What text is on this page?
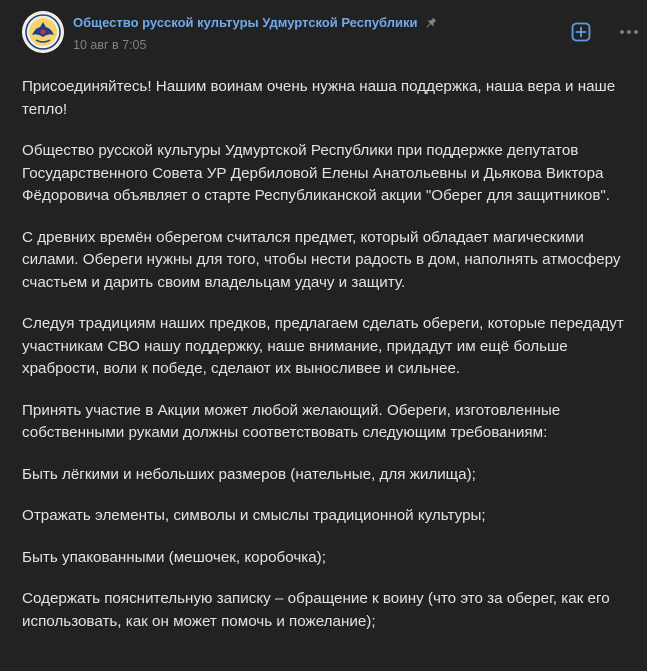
Общество русской культуры Удмуртской Республики
10 авг в 7:05

Присоединяйтесь! Нашим воинам очень нужна наша поддержка, наша вера и наше
тепло!

Общество русской культуры Удмуртской Республики при поддержке депутатов
Государственного Совета УР Дербиловой Елены Анатольевны и Дьякова Виктора
Фёдоровича объявляет о старте Республиканской акции "Оберег для защитников".

С древних времён оберегом считался предмет, который обладает магическими
силами. Обереги нужны для того, чтобы нести радость в дом, наполнять атмосферу
счастьем и дарить своим владельцам удачу и защиту.

Следуя традициям наших предков, предлагаем сделать обереги, которые передадут
участникам СВО нашу поддержку, наше внимание, придадут им ещё больше
храбрости, воли к победе, сделают их выносливее и сильнее.

Принять участие в Акции может любой желающий. Обереги, изготовленные
собственными руками должны соответствовать следующим требованиям:

Быть лёгкими и небольших размеров (нательные, для жилища);

Отражать элементы, символы и смыслы традиционной культуры;

Быть упакованными (мешочек, коробочка);

Содержать пояснительную записку – обращение к воину (что это за оберег, как его
использовать, как он может помочь и пожелание);
